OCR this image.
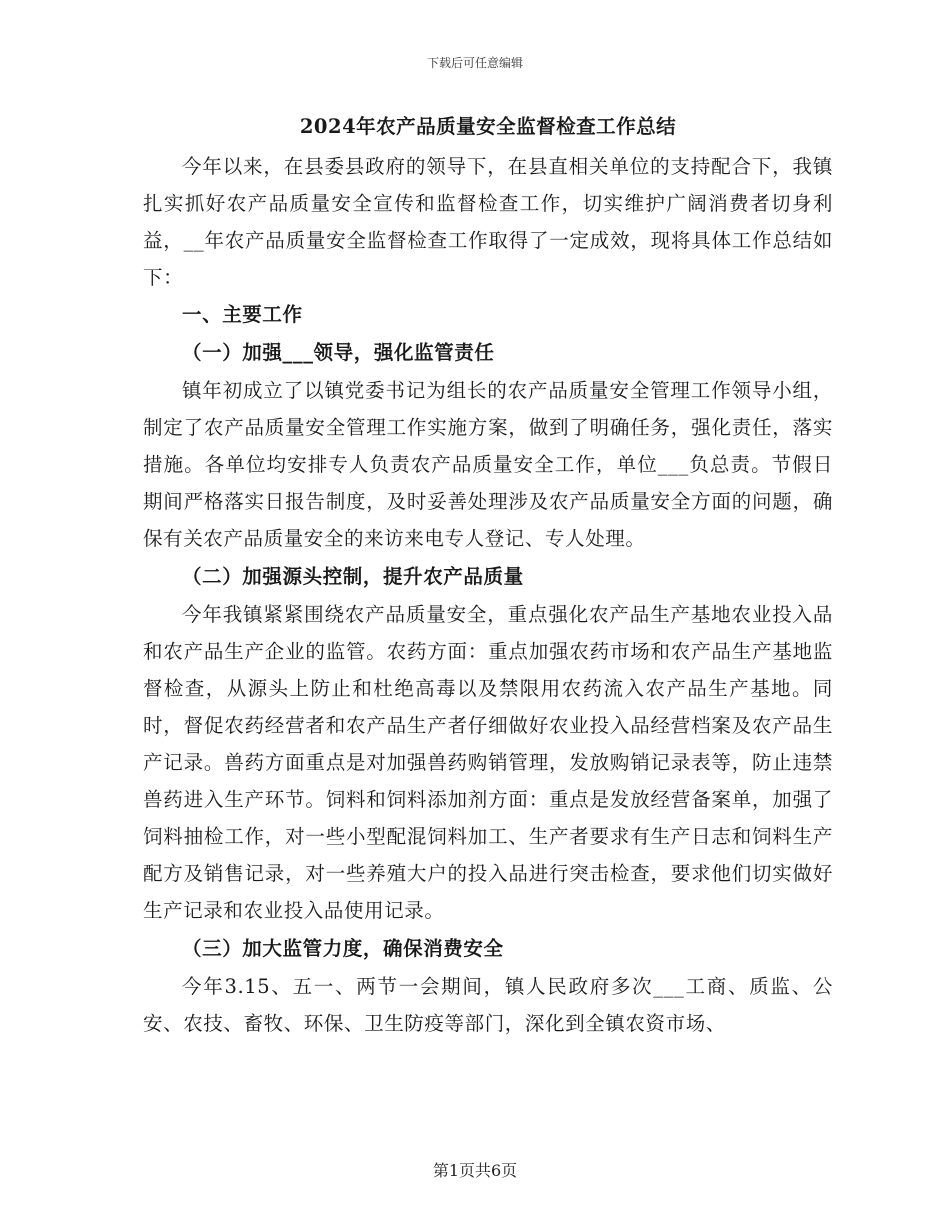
下载后可任意编辑
2024年农产品质量安全监督检查工作总结

今年以来，在县委县政府的领导下，在县直相关单位的支持配合下，我镇扎实抓好农产品质量安全宣传和监督检查工作，切实维护广阔消费者切身利益，__年农产品质量安全监督检查工作取得了一定成效，现将具体工作总结如下：

一、主要工作

（一）加强___领导，强化监管责任

镇年初成立了以镇党委书记为组长的农产品质量安全管理工作领导小组，制定了农产品质量安全管理工作实施方案，做到了明确任务，强化责任，落实措施。各单位均安排专人负责农产品质量安全工作，单位___负总责。节假日期间严格落实日报告制度，及时妥善处理涉及农产品质量安全方面的问题，确保有关农产品质量安全的来访来电专人登记、专人处理。

（二）加强源头控制，提升农产品质量

今年我镇紧紧围绕农产品质量安全，重点强化农产品生产基地农业投入品和农产品生产企业的监管。农药方面：重点加强农药市场和农产品生产基地监督检查，从源头上防止和杜绝高毒以及禁限用农药流入农产品生产基地。同时，督促农药经营者和农产品生产者仔细做好农业投入品经营档案及农产品生产记录。兽药方面重点是对加强兽药购销管理，发放购销记录表等，防止违禁兽药进入生产环节。饲料和饲料添加剂方面：重点是发放经营备案单，加强了饲料抽检工作，对一些小型配混饲料加工、生产者要求有生产日志和饲料生产配方及销售记录，对一些养殖大户的投入品进行突击检查，要求他们切实做好生产记录和农业投入品使用记录。

（三）加大监管力度，确保消费安全

今年3.15、五一、两节一会期间，镇人民政府多次___工商、质监、公安、农技、畜牧、环保、卫生防疫等部门，深化到全镇农资市场、

第1页共6页
